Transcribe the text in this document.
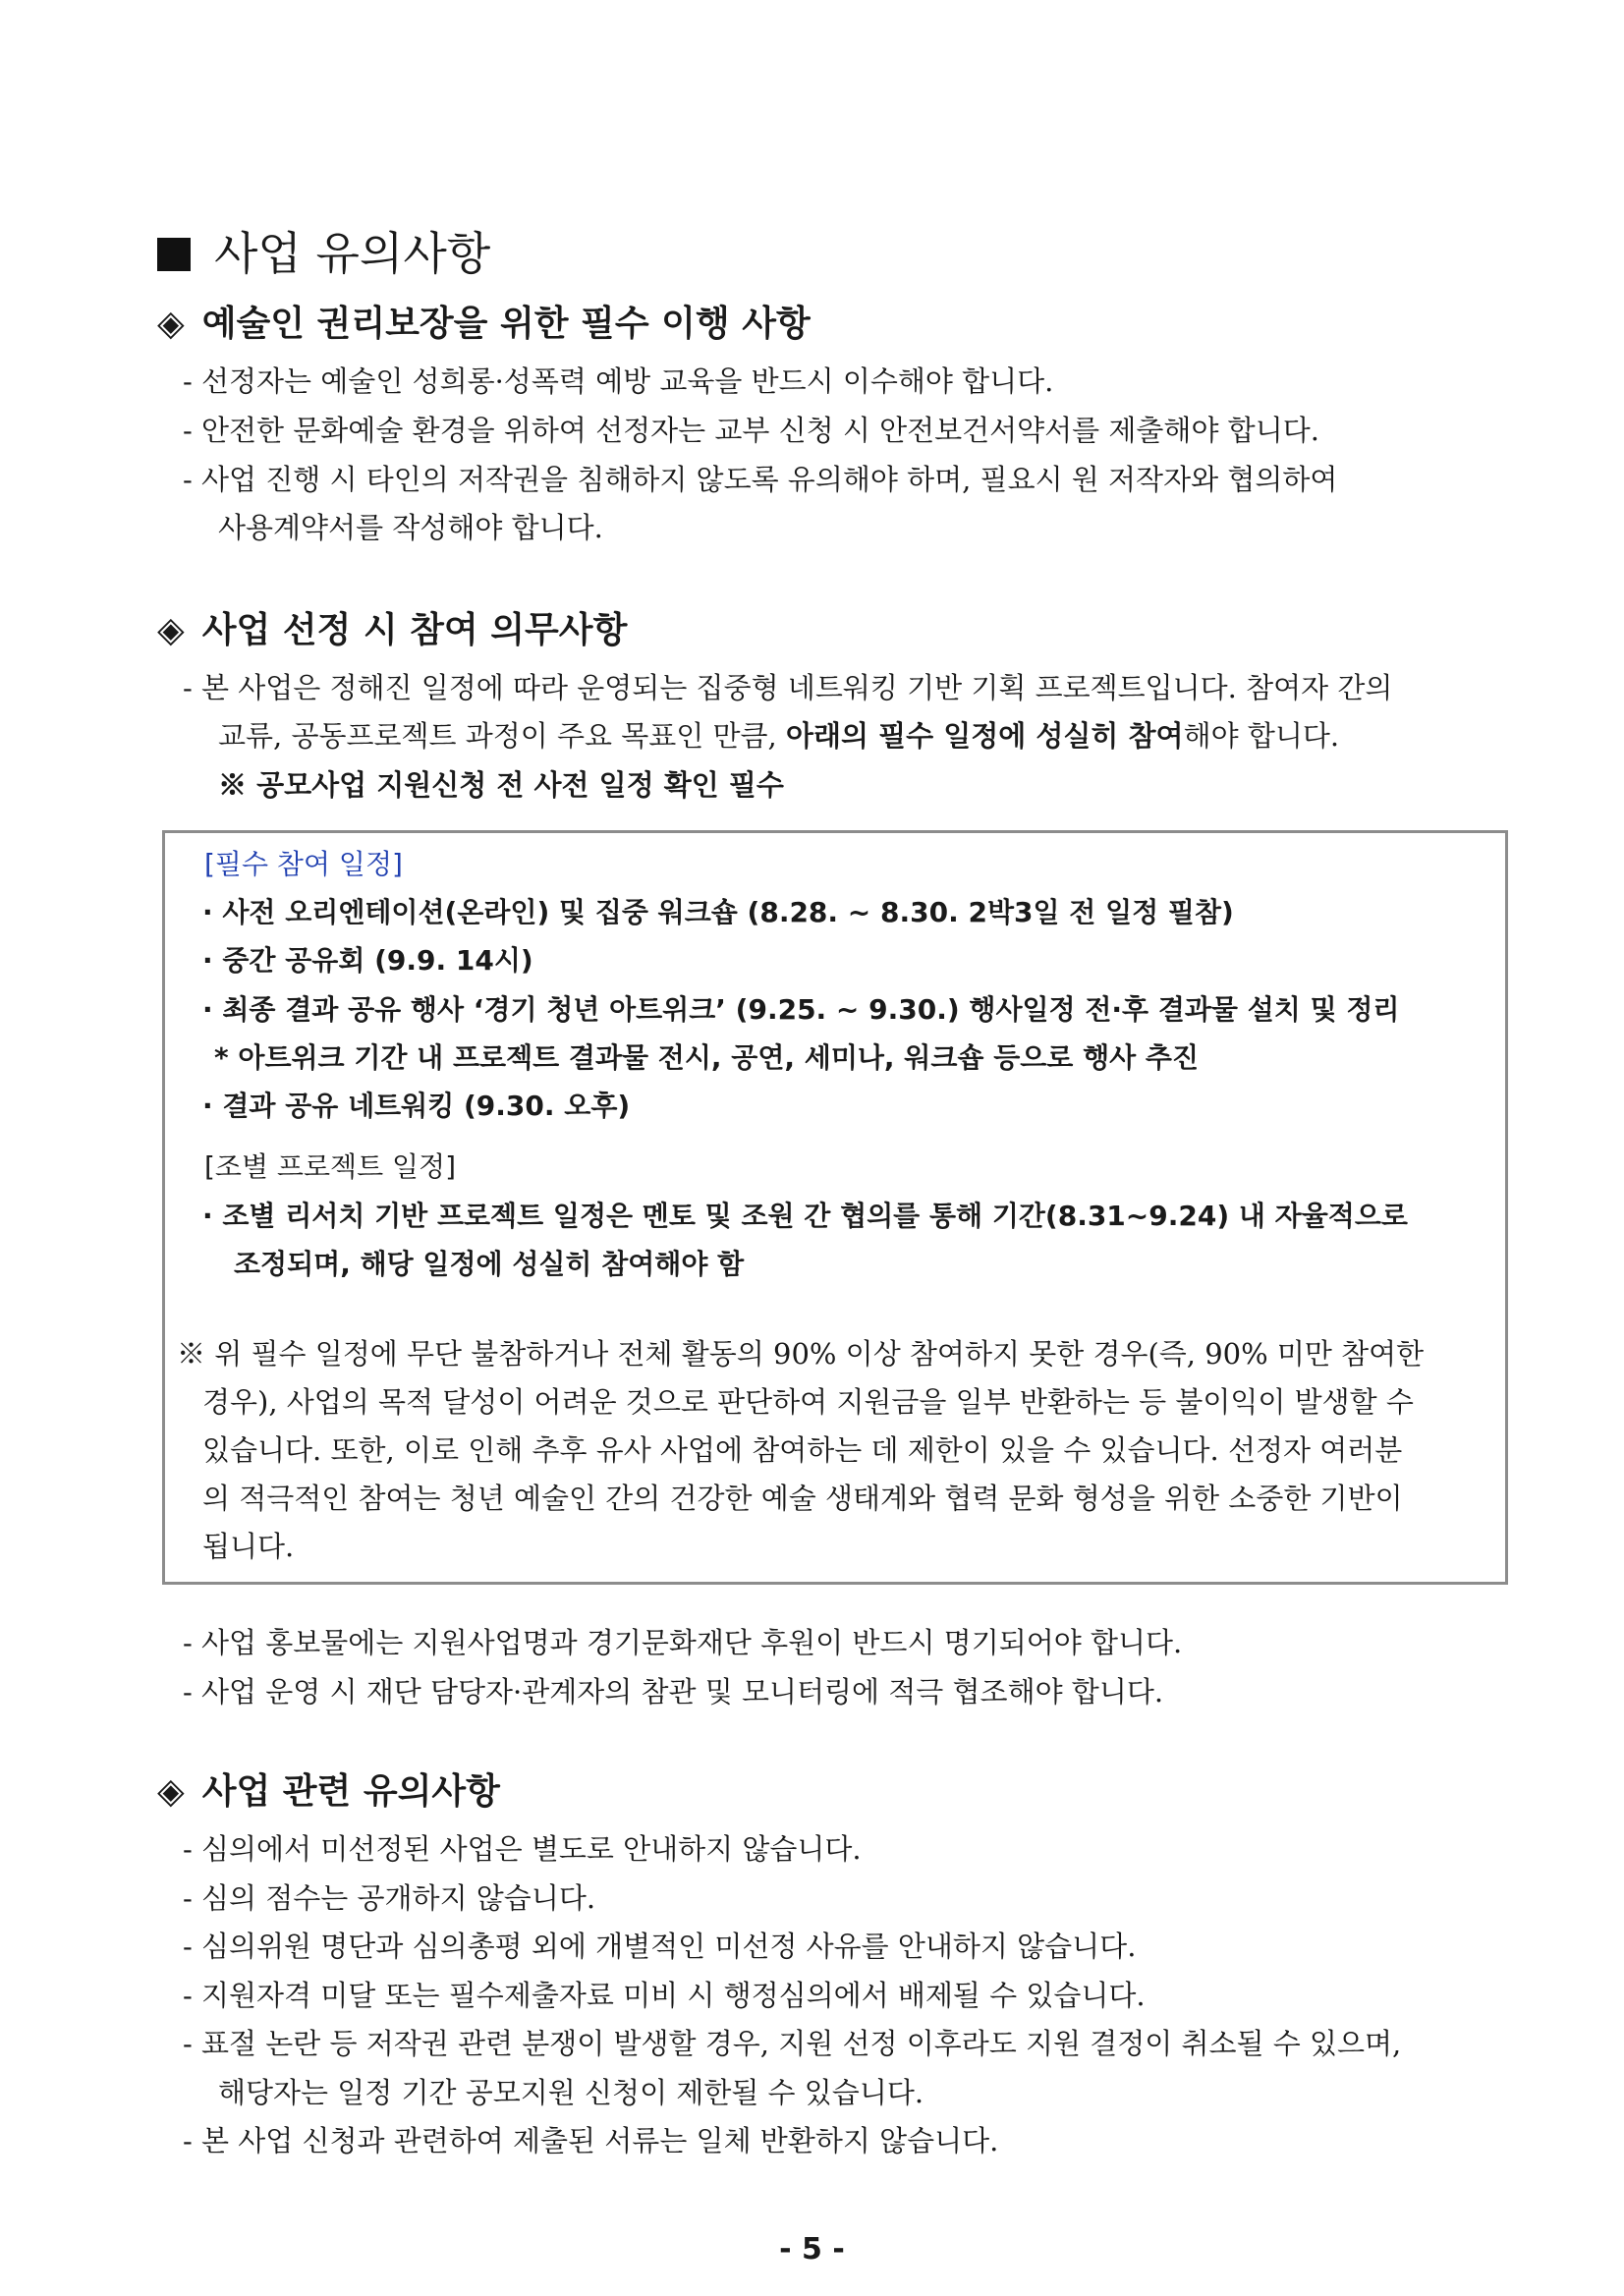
사업 유의사항
◈ 예술인 권리보장을 위한 필수 이행 사항

- 선정자는 예술인 성희롱·성폭력 예방 교육을 반드시 이수해야 합니다.

- 안전한 문화예술 환경을 위하여 선정자는 교부 신청 시 안전보건서약서를 제출해야 합니다.

- 사업 진행 시 타인의 저작권을 침해하지 않도록 유의해야 하며, 필요시 원 저작자와 협의하여

사용계약서를 작성해야 합니다.

◈ 사업 선정 시 참여 의무사항

- 본 사업은 정해진 일정에 따라 운영되는 집중형 네트워킹 기반 기획 프로젝트입니다. 참여자 간의

교류, 공동프로젝트 과정이 주요 목표인 만큼, 아래의 필수 일정에 성실히 참여해야 합니다.

※ 공모사업 지원신청 전 사전 일정 확인 필수

[필수 참여 일정]

· 사전 오리엔테이션(온라인) 및 집중 워크숍 (8.28. ~ 8.30. 2박3일 전 일정 필참)

· 중간 공유회 (9.9. 14시)

· 최종 결과 공유 행사 ‘경기 청년 아트위크’ (9.25. ~ 9.30.) 행사일정 전·후 결과물 설치 및 정리

* 아트위크 기간 내 프로젝트 결과물 전시, 공연, 세미나, 워크숍 등으로 행사 추진

· 결과 공유 네트워킹 (9.30. 오후)

[조별 프로젝트 일정]

· 조별 리서치 기반 프로젝트 일정은 멘토 및 조원 간 협의를 통해 기간(8.31~9.24) 내 자율적으로

조정되며, 해당 일정에 성실히 참여해야 함

※ 위 필수 일정에 무단 불참하거나 전체 활동의 90% 이상 참여하지 못한 경우(즉, 90% 미만 참여한

경우), 사업의 목적 달성이 어려운 것으로 판단하여 지원금을 일부 반환하는 등 불이익이 발생할 수

있습니다. 또한, 이로 인해 추후 유사 사업에 참여하는 데 제한이 있을 수 있습니다. 선정자 여러분

의 적극적인 참여는 청년 예술인 간의 건강한 예술 생태계와 협력 문화 형성을 위한 소중한 기반이

됩니다.

- 사업 홍보물에는 지원사업명과 경기문화재단 후원이 반드시 명기되어야 합니다.

- 사업 운영 시 재단 담당자·관계자의 참관 및 모니터링에 적극 협조해야 합니다.

◈ 사업 관련 유의사항

- 심의에서 미선정된 사업은 별도로 안내하지 않습니다.

- 심의 점수는 공개하지 않습니다.

- 심의위원 명단과 심의총평 외에 개별적인 미선정 사유를 안내하지 않습니다.

- 지원자격 미달 또는 필수제출자료 미비 시 행정심의에서 배제될 수 있습니다.

- 표절 논란 등 저작권 관련 분쟁이 발생할 경우, 지원 선정 이후라도 지원 결정이 취소될 수 있으며,

해당자는 일정 기간 공모지원 신청이 제한될 수 있습니다.

- 본 사업 신청과 관련하여 제출된 서류는 일체 반환하지 않습니다.

- 5 -
